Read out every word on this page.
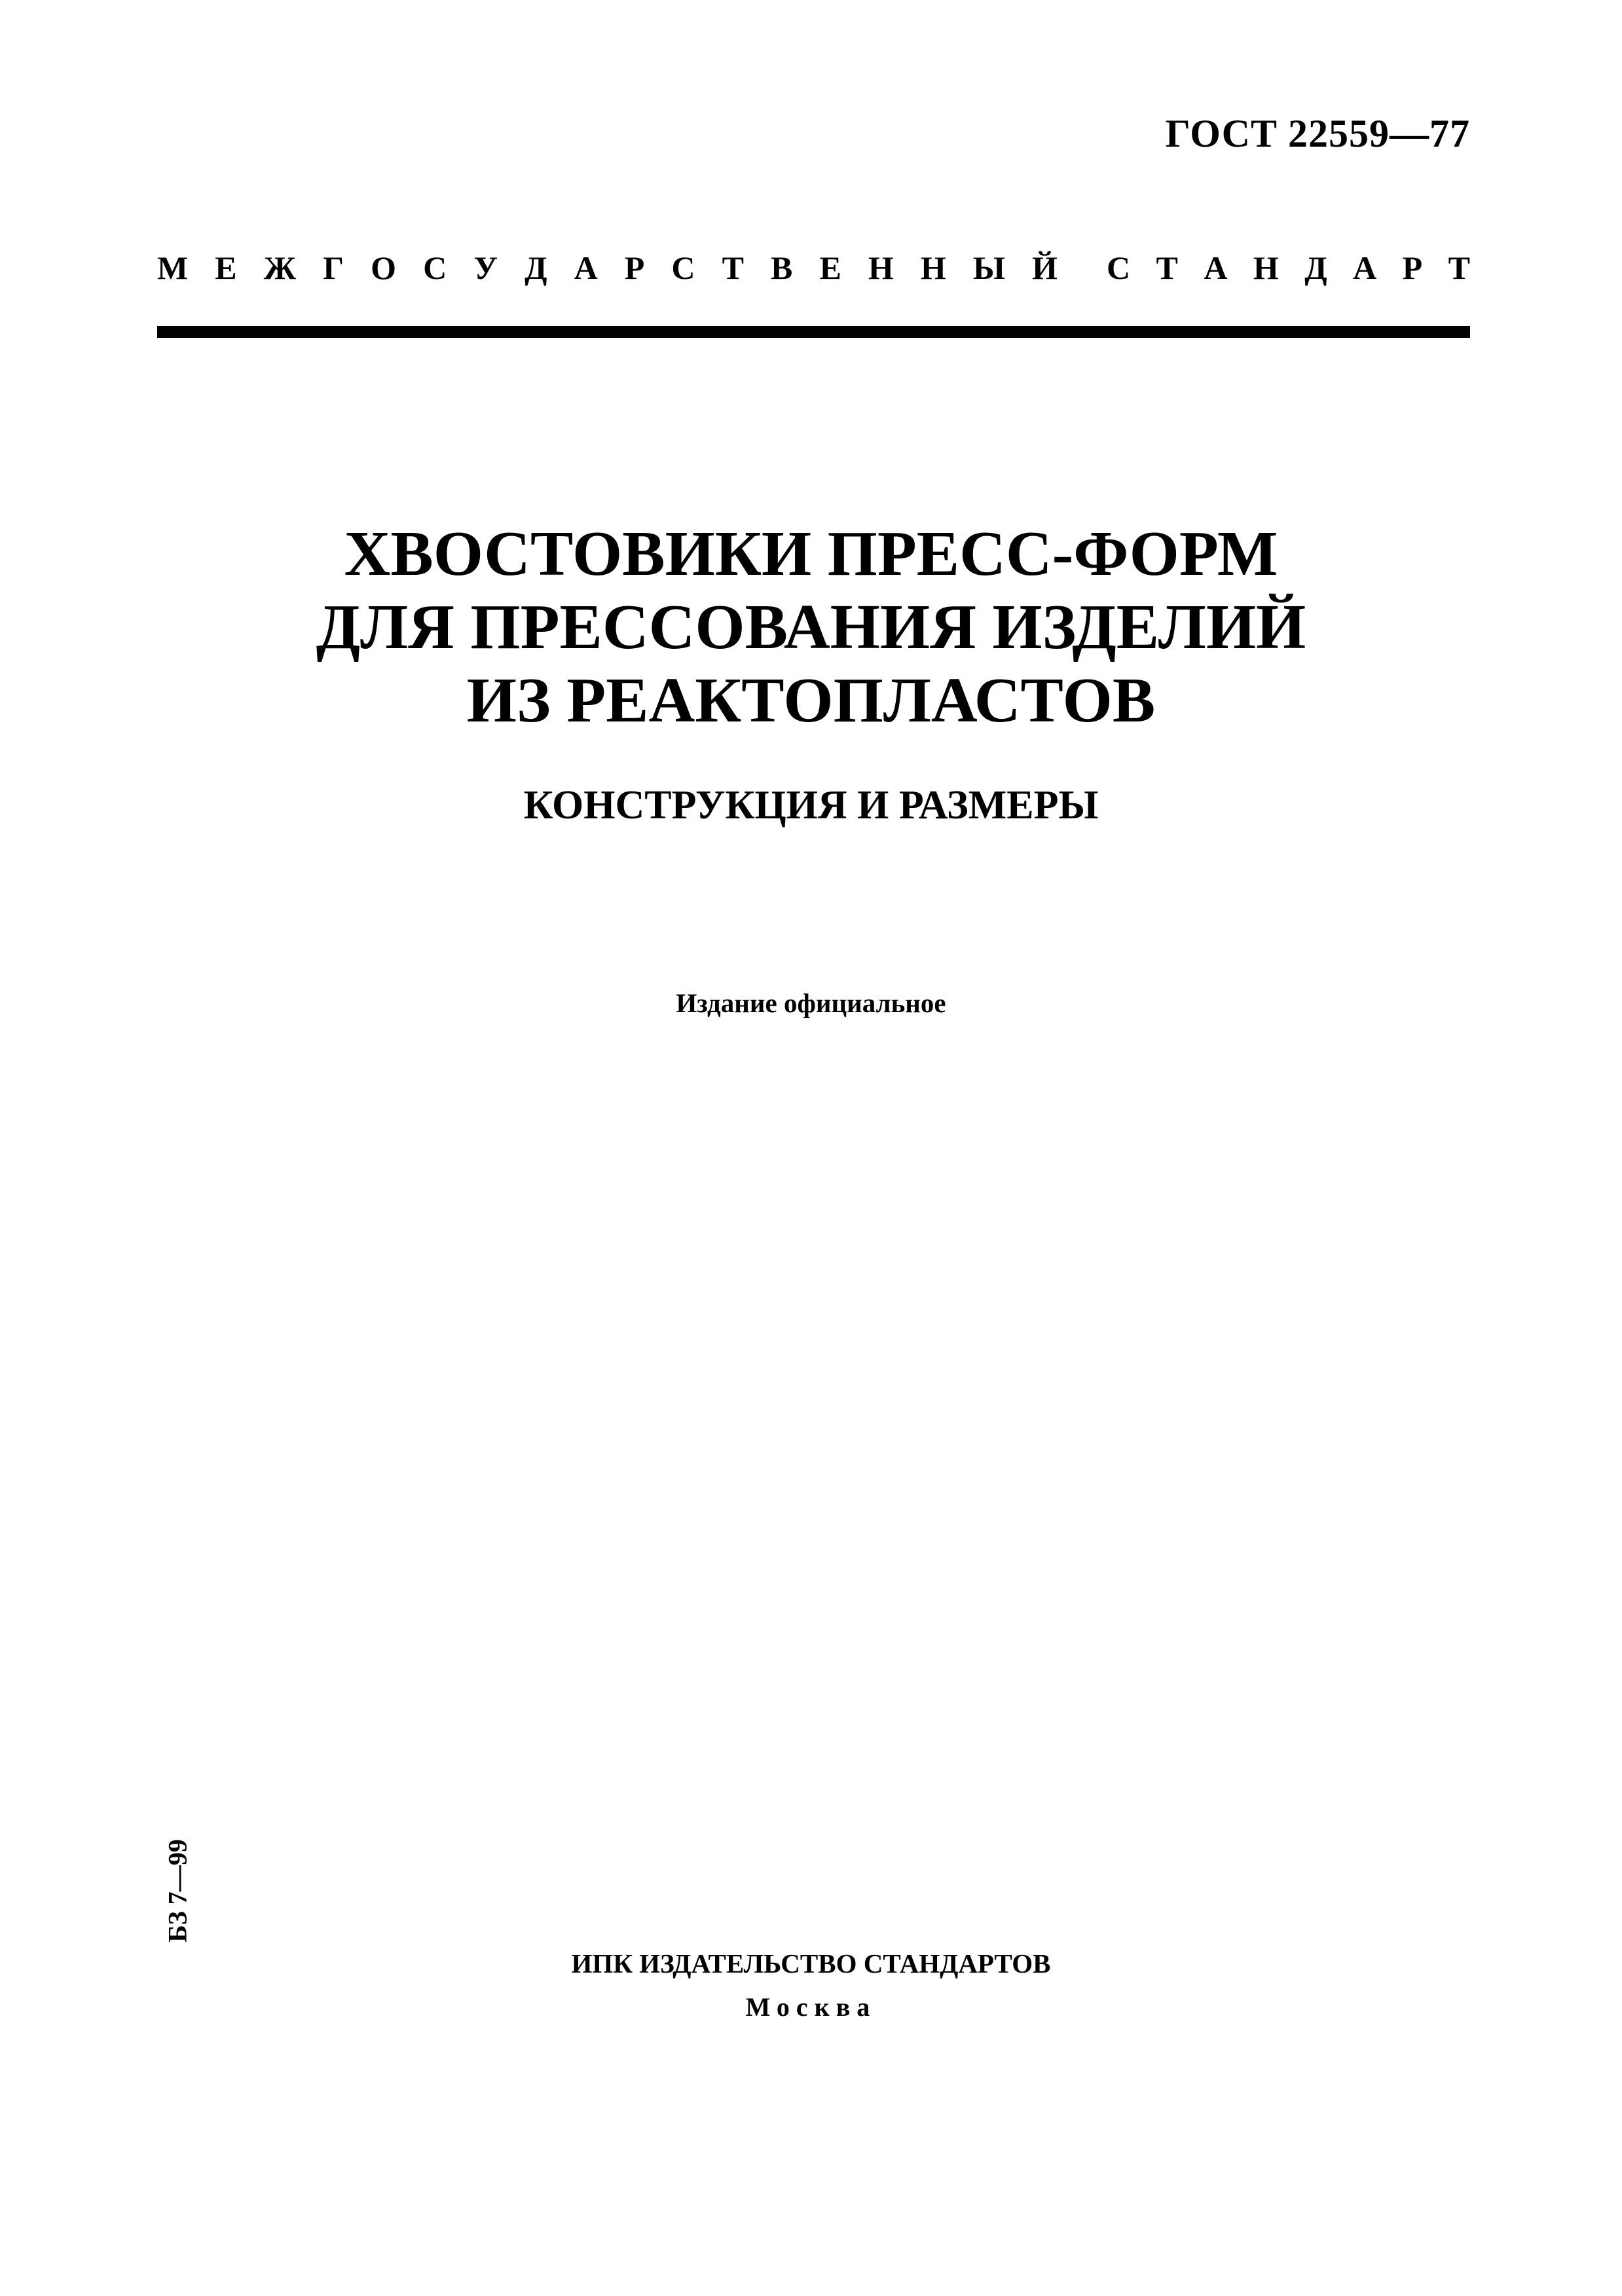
ГОСТ 22559—77
М Е Ж Г О С У Д А Р С Т В Е Н Н Ы Й С Т А Н Д А Р Т
ХВОСТОВИКИ ПРЕСС-ФОРМ
ДЛЯ ПРЕССОВАНИЯ ИЗДЕЛИЙ
ИЗ РЕАКТОПЛАСТОВ
КОНСТРУКЦИЯ И РАЗМЕРЫ
Издание официальное
БЗ 7—99
ИПК ИЗДАТЕЛЬСТВО СТАНДАРТОВ
Москва
